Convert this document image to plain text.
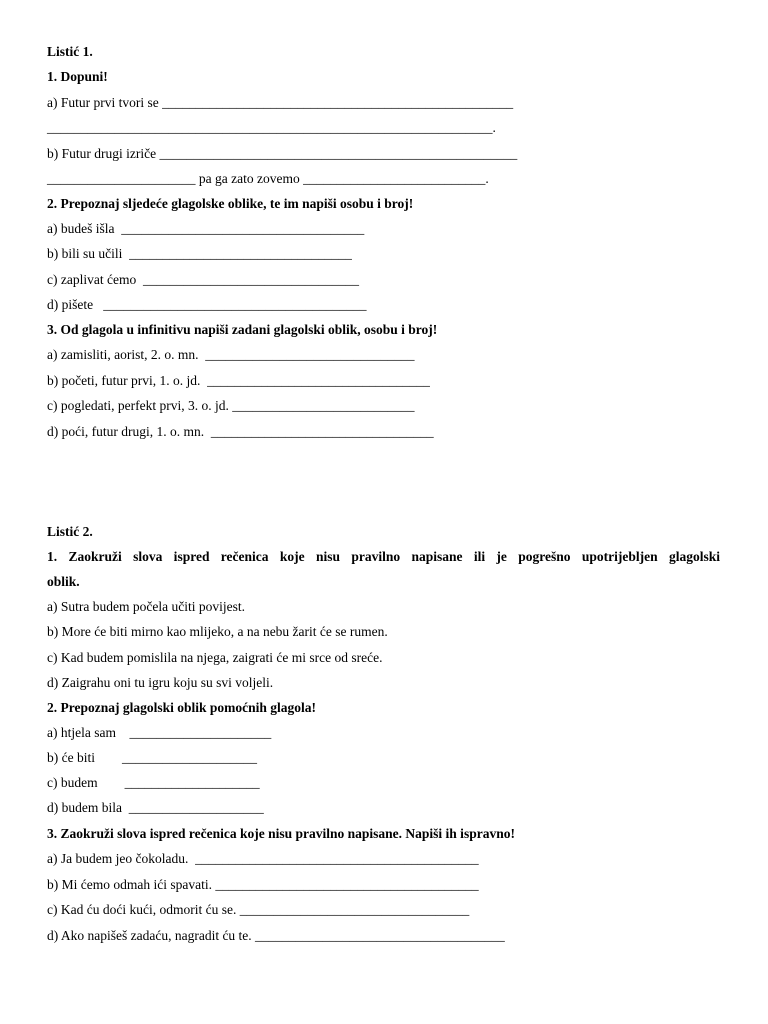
Listić 1.
1. Dopuni!
a) Futur prvi tvori se ____________________________________________________
__________________________________________________________________.
b) Futur drugi izriče _____________________________________________________
______________________ pa ga zato zovemo ___________________________.
2. Prepoznaj sljedeće glagolske oblike, te im napiši osobu i broj!
a) budeš išla  ____________________________________
b) bili su učili  _________________________________
c) zaplivat ćemo  ________________________________
d) pišete   _______________________________________
3. Od glagola u infinitivu napiši zadani glagolski oblik, osobu i broj!
a) zamisliti, aorist, 2. o. mn.  _______________________________
b) početi, futur prvi, 1. o. jd.  _________________________________
c) pogledati, perfekt prvi, 3. o. jd. ___________________________
d) poći, futur drugi, 1. o. mn.  _________________________________
Listić 2.
1. Zaokruži slova ispred rečenica koje nisu pravilno napisane ili je pogrešno upotrijebljen glagolski
oblik.
a) Sutra budem počela učiti povijest.
b) More će biti mirno kao mlijeko, a na nebu žarit će se rumen.
c) Kad budem pomislila na njega, zaigrati će mi srce od sreće.
d) Zaigrahu oni tu igru koju su svi voljeli.
2. Prepoznaj glagolski oblik pomoćnih glagola!
a) htjela sam    _____________________
b) će biti        ____________________
c) budem        ____________________
d) budem bila  ____________________
3. Zaokruži slova ispred rečenica koje nisu pravilno napisane. Napiši ih ispravno!
a) Ja budem jeo čokoladu.  __________________________________________
b) Mi ćemo odmah ići spavati. _______________________________________
c) Kad ću doći kući, odmorit ću se. __________________________________
d) Ako napišeš zadaću, nagradit ću te. _____________________________________
